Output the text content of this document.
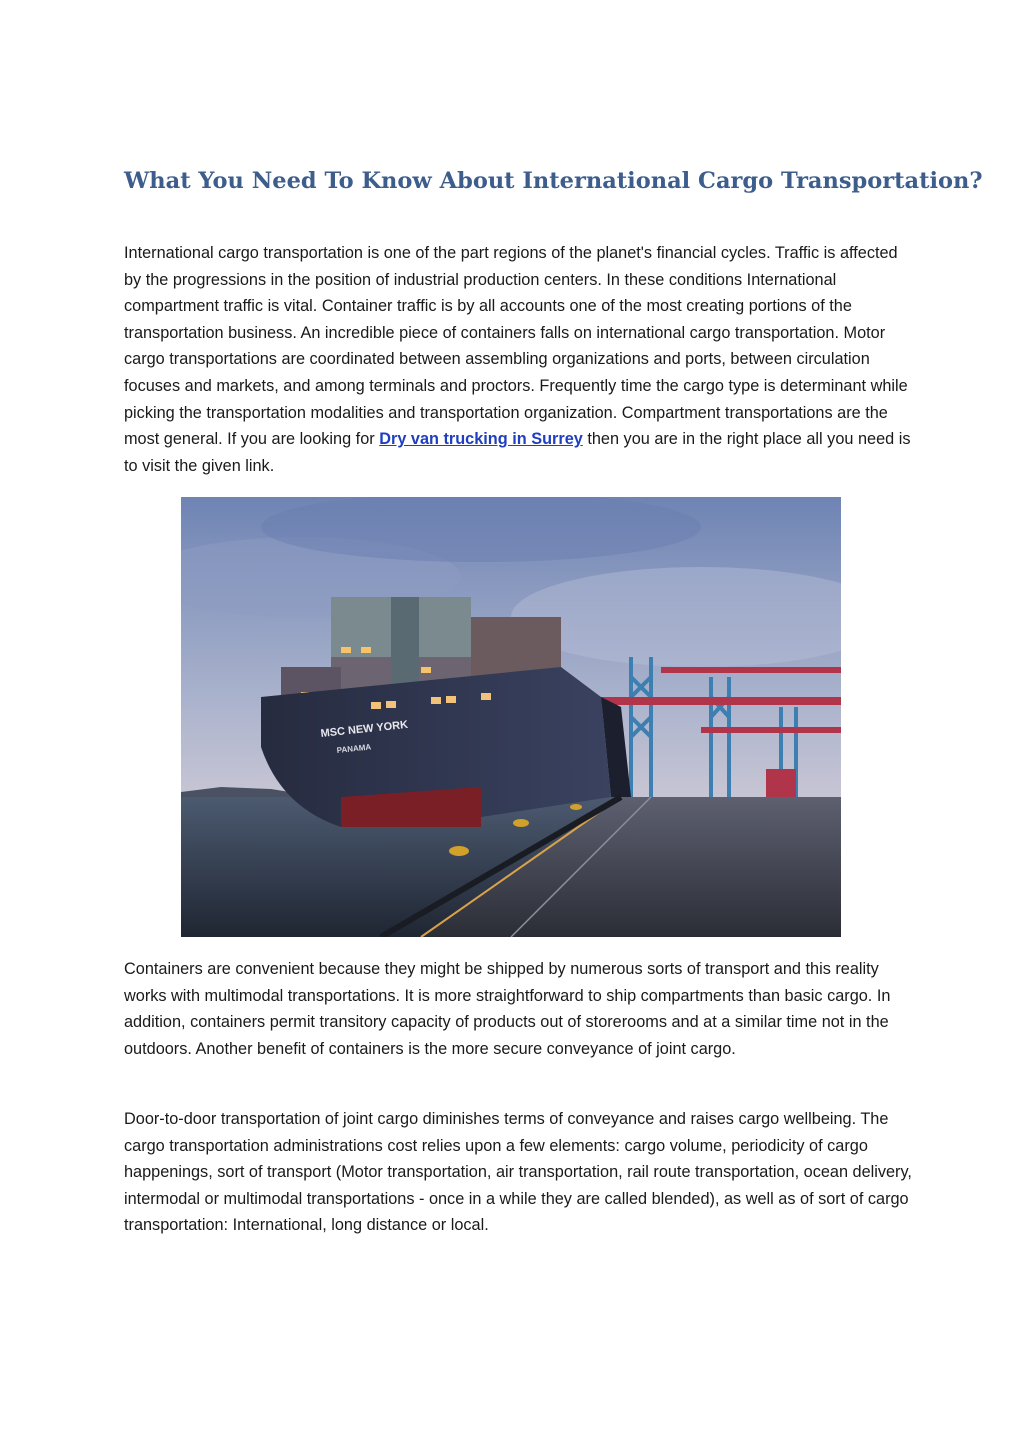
What You Need To Know About International Cargo Transportation?

International cargo transportation is one of the part regions of the planet's financial cycles. Traffic is affected by the progressions in the position of industrial production centers. In these conditions International compartment traffic is vital. Container traffic is by all accounts one of the most creating portions of the transportation business. An incredible piece of containers falls on international cargo transportation. Motor cargo transportations are coordinated between assembling organizations and ports, between circulation focuses and markets, and among terminals and proctors. Frequently time the cargo type is determinant while picking the transportation modalities and transportation organization. Compartment transportations are the most general. If you are looking for Dry van trucking in Surrey then you are in the right place all you need is to visit the given link.

MSC NEW YORK
PANAMA

Containers are convenient because they might be shipped by numerous sorts of transport and this reality works with multimodal transportations. It is more straightforward to ship compartments than basic cargo. In addition, containers permit transitory capacity of products out of storerooms and at a similar time not in the outdoors. Another benefit of containers is the more secure conveyance of joint cargo.

Door-to-door transportation of joint cargo diminishes terms of conveyance and raises cargo wellbeing. The cargo transportation administrations cost relies upon a few elements: cargo volume, periodicity of cargo happenings, sort of transport (Motor transportation, air transportation, rail route transportation, ocean delivery, intermodal or multimodal transportations - once in a while they are called blended), as well as of sort of cargo transportation: International, long distance or local.
